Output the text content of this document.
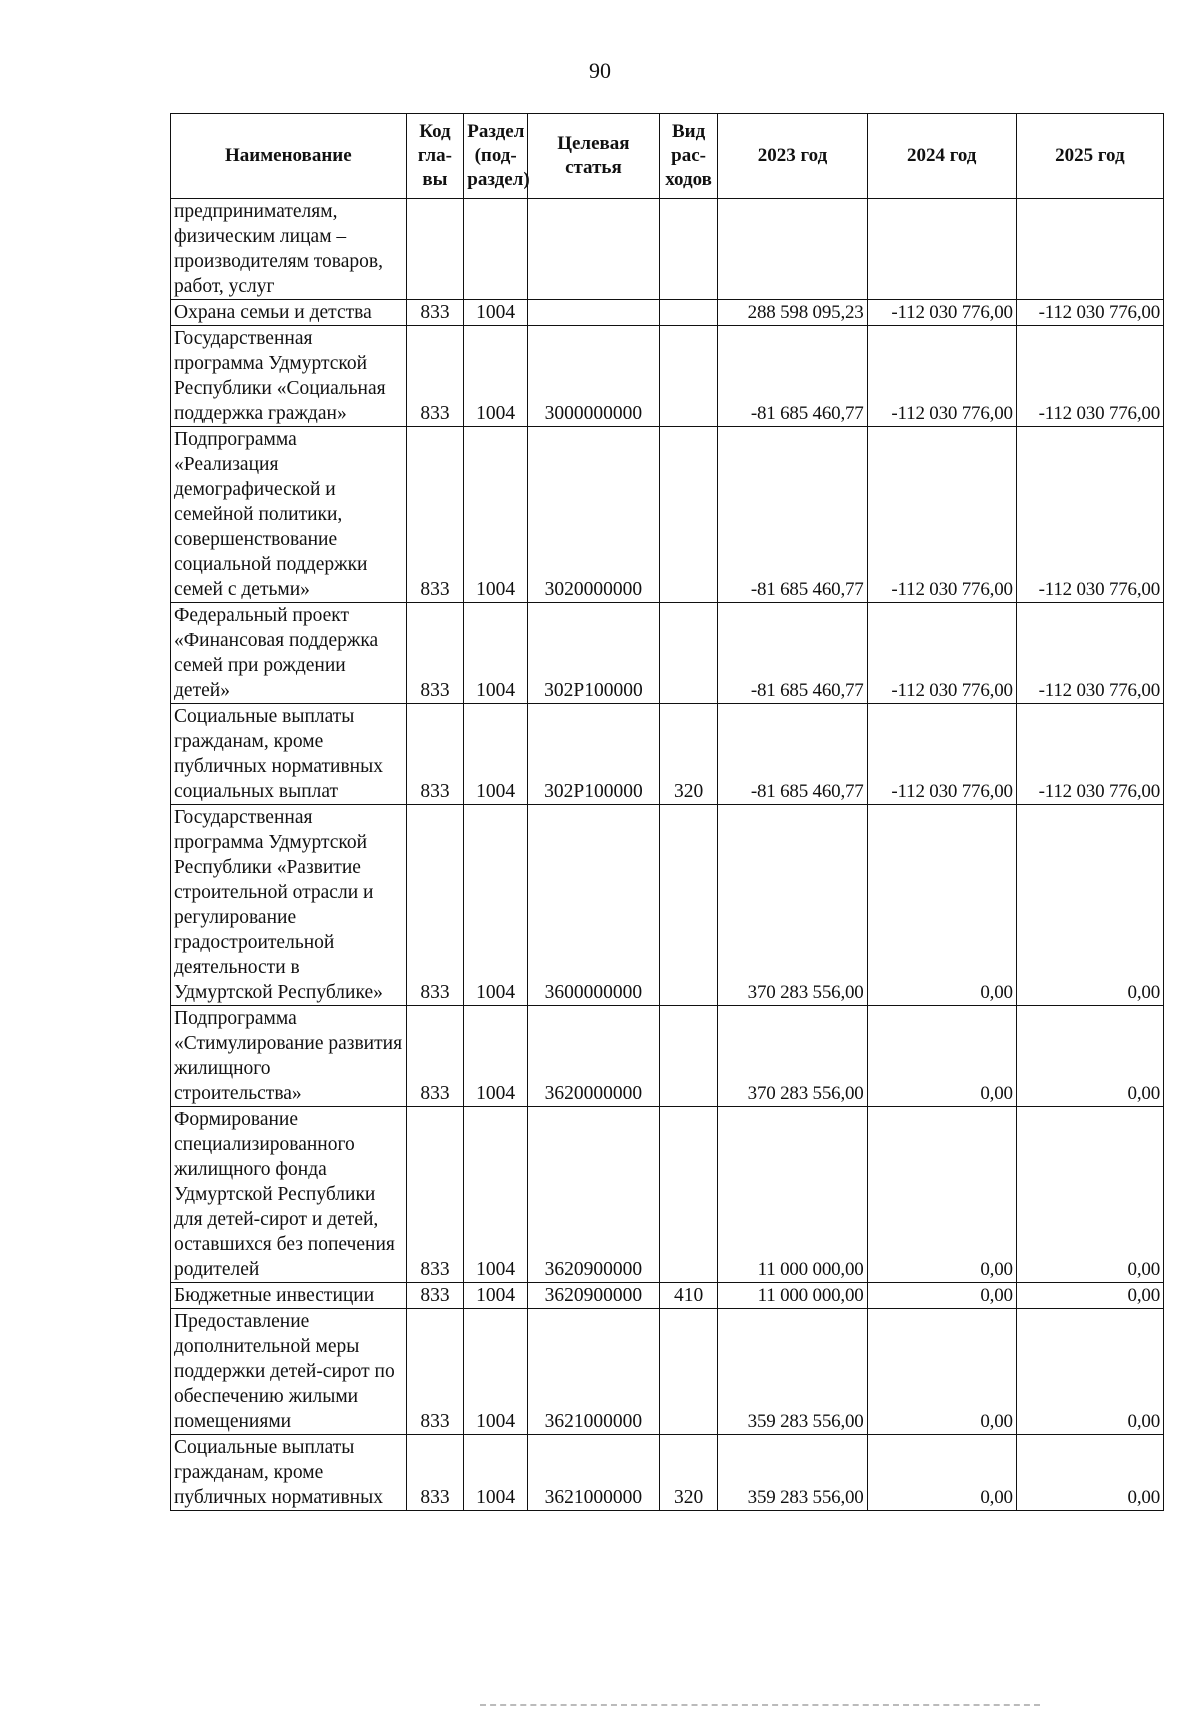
90
Наименование	Код гла-вы	Раздел (под-раздел)	Целевая статья	Вид рас-ходов	2023 год	2024 год	2025 год
предпринимателям, физическим лицам – производителям товаров, работ, услуг							
Охрана семьи и детства	833	1004			288 598 095,23	-112 030 776,00	-112 030 776,00
Государственная программа Удмуртской Республики «Социальная поддержка граждан»	833	1004	3000000000		-81 685 460,77	-112 030 776,00	-112 030 776,00
Подпрограмма «Реализация демографической и семейной политики, совершенствование социальной поддержки семей с детьми»	833	1004	3020000000		-81 685 460,77	-112 030 776,00	-112 030 776,00
Федеральный проект «Финансовая поддержка семей при рождении детей»	833	1004	302P100000		-81 685 460,77	-112 030 776,00	-112 030 776,00
Социальные выплаты гражданам, кроме публичных нормативных социальных выплат	833	1004	302P100000	320	-81 685 460,77	-112 030 776,00	-112 030 776,00
Государственная программа Удмуртской Республики «Развитие строительной отрасли и регулирование градостроительной деятельности в Удмуртской Республике»	833	1004	3600000000		370 283 556,00	0,00	0,00
Подпрограмма «Стимулирование развития жилищного строительства»	833	1004	3620000000		370 283 556,00	0,00	0,00
Формирование специализированного жилищного фонда Удмуртской Республики для детей-сирот и детей, оставшихся без попечения родителей	833	1004	3620900000		11 000 000,00	0,00	0,00
Бюджетные инвестиции	833	1004	3620900000	410	11 000 000,00	0,00	0,00
Предоставление дополнительной меры поддержки детей-сирот по обеспечению жилыми помещениями	833	1004	3621000000		359 283 556,00	0,00	0,00
Социальные выплаты гражданам, кроме публичных нормативных	833	1004	3621000000	320	359 283 556,00	0,00	0,00
